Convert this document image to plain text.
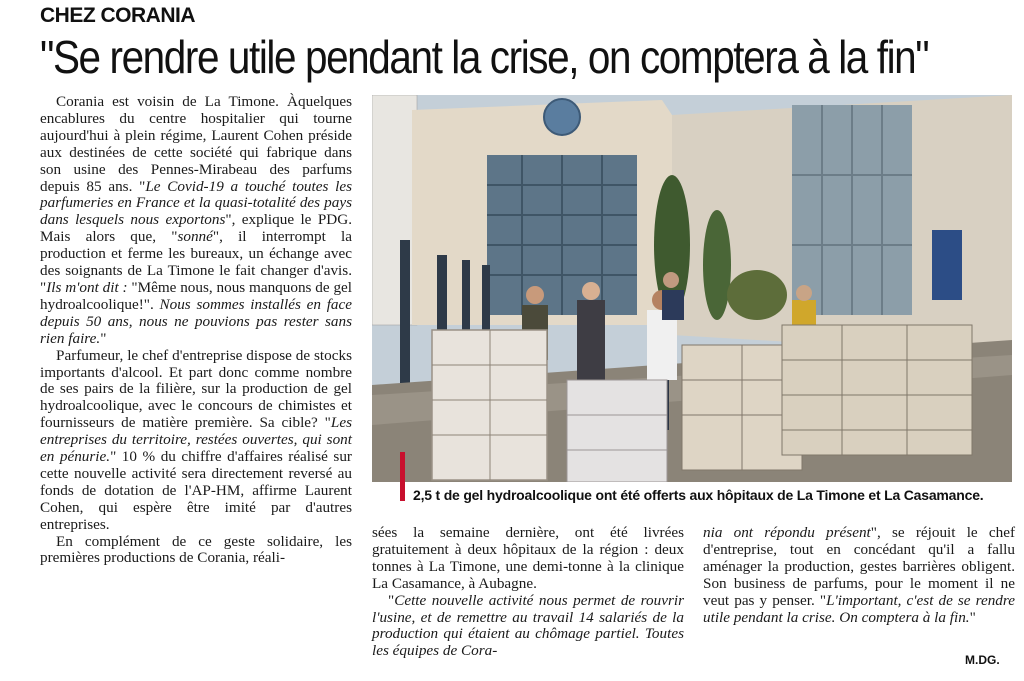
CHEZ CORANIA
"Se rendre utile pendant la crise, on comptera à la fin"

Corania est voisin de La Timone. Àquelques encablures du centre hospitalier qui tourne aujourd'hui à plein régime, Laurent Cohen préside aux destinées de cette société qui fabrique dans son usine des Pennes-Mirabeau des parfums depuis 85 ans. "Le Covid-19 a touché toutes les parfumeries en France et la quasi-totalité des pays dans lesquels nous exportons", explique le PDG. Mais alors que, "sonné", il interrompt la production et ferme les bureaux, un échange avec des soignants de La Timone le fait changer d'avis. "Ils m'ont dit : "Même nous, nous manquons de gel hydroalcoolique!". Nous sommes installés en face depuis 50 ans, nous ne pouvions pas rester sans rien faire."

Parfumeur, le chef d'entreprise dispose de stocks importants d'alcool. Et part donc comme nombre de ses pairs de la filière, sur la production de gel hydroalcoolique, avec le concours de chimistes et fournisseurs de matière première. Sa cible? "Les entreprises du territoire, restées ouvertes, qui sont en pénurie." 10 % du chiffre d'affaires réalisé sur cette nouvelle activité sera directement reversé au fonds de dotation de l'AP-HM, affirme Laurent Cohen, qui espère être imité par d'autres entreprises.

En complément de ce geste solidaire, les premières productions de Corania, réali-

2,5 t de gel hydroalcoolique ont été offerts aux hôpitaux de La Timone et La Casamance.

sées la semaine dernière, ont été livrées gratuitement à deux hôpitaux de la région : deux tonnes à La Timone, une demi-tonne à la clinique La Casamance, à Aubagne.

"Cette nouvelle activité nous permet de rouvrir l'usine, et de remettre au travail 14 salariés de la production qui étaient au chômage partiel. Toutes les équipes de Cora-

nia ont répondu présent", se réjouit le chef d'entreprise, tout en concédant qu'il a fallu aménager la production, gestes barrières obligent. Son business de parfums, pour le moment il ne veut pas y penser. "L'important, c'est de se rendre utile pendant la crise. On comptera à la fin."

M.DG.
